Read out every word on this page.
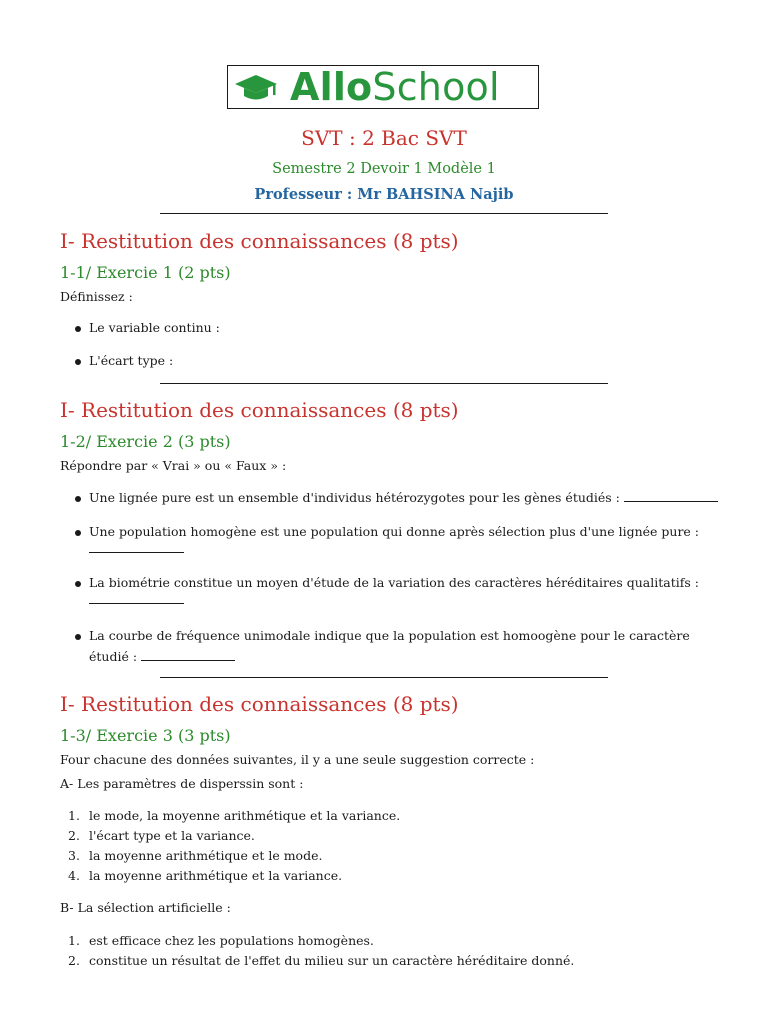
AlloSchool
SVT : 2 Bac SVT
Semestre 2 Devoir 1 Modèle 1
Professeur : Mr BAHSINA Najib
I- Restitution des connaissances (8 pts)
1-1/ Exercie 1 (2 pts)
Définissez :
Le variable continu :
L'écart type :
I- Restitution des connaissances (8 pts)
1-2/ Exercie 2 (3 pts)
Répondre par « Vrai » ou « Faux » :
Une lignée pure est un ensemble d'individus hétérozygotes pour les gènes étudiés :
Une population homogène est une population qui donne après sélection plus d'une lignée pure :
La biométrie constitue un moyen d'étude de la variation des caractères héréditaires qualitatifs :
La courbe de fréquence unimodale indique que la population est homoogène pour le caractère
étudié :
I- Restitution des connaissances (8 pts)
1-3/ Exercie 3 (3 pts)
Four chacune des données suivantes, il y a une seule suggestion correcte :
A- Les paramètres de disperssin sont :
1. le mode, la moyenne arithmétique et la variance.
2. l'écart type et la variance.
3. la moyenne arithmétique et le mode.
4. la moyenne arithmétique et la variance.
B- La sélection artificielle :
1. est efficace chez les populations homogènes.
2. constitue un résultat de l'effet du milieu sur un caractère héréditaire donné.
